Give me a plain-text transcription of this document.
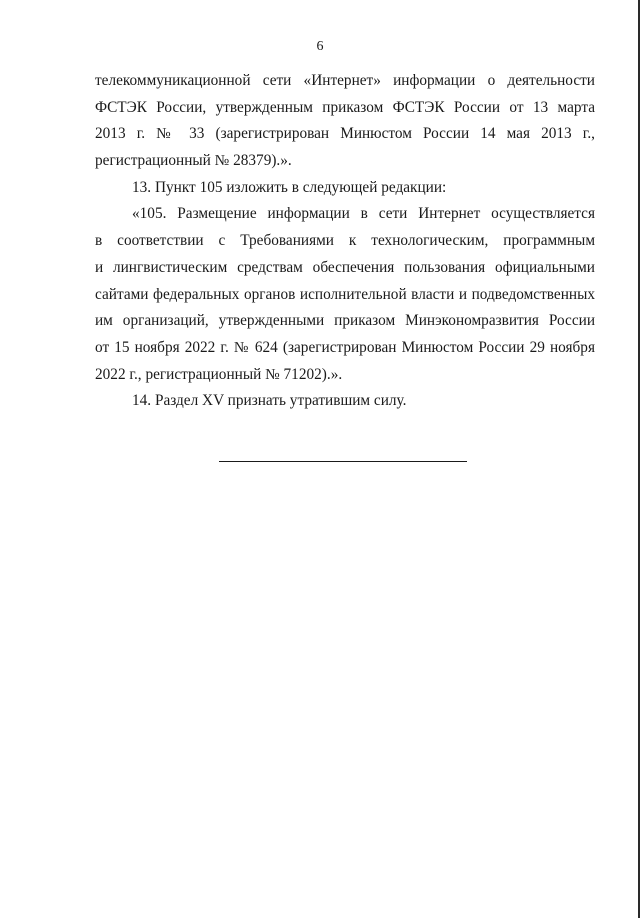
6
телекоммуникационной сети «Интернет» информации о деятельности
ФСТЭК России, утвержденным приказом ФСТЭК России от 13 марта
2013 г. № 33 (зарегистрирован Минюстом России 14 мая 2013 г.,
регистрационный № 28379).».
13. Пункт 105 изложить в следующей редакции:
«105. Размещение информации в сети Интернет осуществляется
в соответствии с Требованиями к технологическим, программным
и лингвистическим средствам обеспечения пользования официальными
сайтами федеральных органов исполнительной власти и подведомственных
им организаций, утвержденными приказом Минэкономразвития России
от 15 ноября 2022 г. № 624 (зарегистрирован Минюстом России 29 ноября
2022 г., регистрационный № 71202).».
14. Раздел XV признать утратившим силу.
